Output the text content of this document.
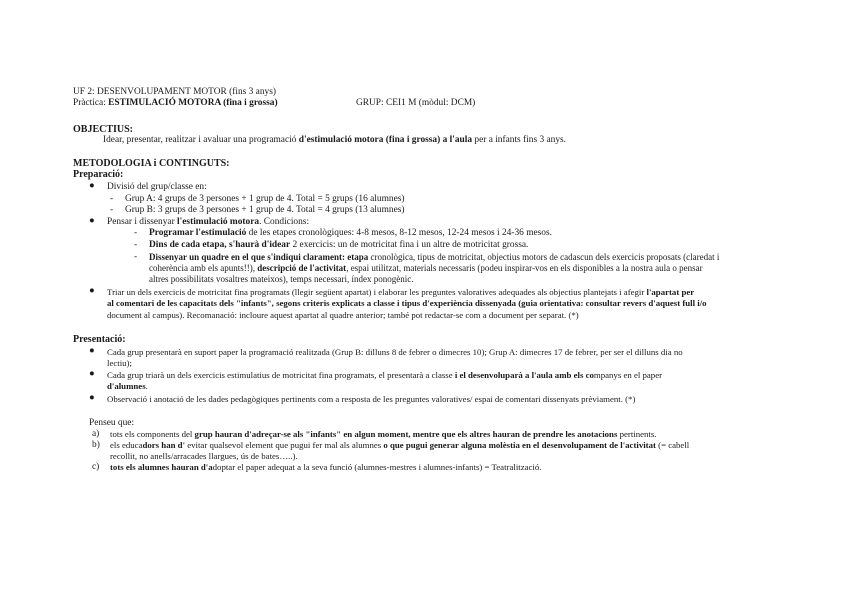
UF 2: DESENVOLUPAMENT MOTOR (fins 3 anys)
Pràctica: ESTIMULACIÓ MOTORA (fina i grossa)	GRUP: CEI1 M (mòdul: DCM)
OBJECTIUS:
Idear, presentar, realitzar i avaluar una programació d'estimulació motora (fina i grossa) a l'aula per a infants fins 3 anys.
METODOLOGIA i CONTINGUTS:
Preparació:
● Divisió del grup/classe en:
- Grup A: 4 grups de 3 persones + 1 grup de 4. Total = 5 grups (16 alumnes)
- Grup B: 3 grups de 3 persones + 1 grup de 4. Total = 4 grups (13 alumnes)
● Pensar i dissenyar l'estimulació motora. Condicions:
- Programar l'estimulació de les etapes cronològiques: 4-8 mesos, 8-12 mesos, 12-24 mesos i 24-36 mesos.
- Dins de cada etapa, s'haurà d'idear 2 exercicis: un de motricitat fina i un altre de motricitat grossa.
- Dissenyar un quadre en el que s'indiqui clarament: etapa cronològica, tipus de motricitat, objectius motors de cadascun dels exercicis proposats (claredat i
coherència amb els apunts!!), descripció de l'activitat, espai utilitzat, materials necessaris (podeu inspirar-vos en els disponibles a la nostra aula o pensar
altres possibilitats vosaltres mateixos), temps necessari, índex ponogènic.
● Triar un dels exercicis de motricitat fina programats (llegir següent apartat) i elaborar les preguntes valoratives adequades als objectius plantejats i afegir l'apartat per
al comentari de les capacitats dels "infants", segons criteris explicats a classe i tipus d'experiència dissenyada (guia orientativa: consultar revers d'aquest full i/o
document al campus). Recomanació: incloure aquest apartat al quadre anterior; també pot redactar-se com a document per separat. (*)
Presentació:
● Cada grup presentarà en suport paper la programació realitzada (Grup B: dilluns 8 de febrer o dimecres 10); Grup A: dimecres 17 de febrer, per ser el dilluns dia no
lectiu);
● Cada grup triarà un dels exercicis estimulatius de motricitat fina programats, el presentarà a classe i el desenvoluparà a l'aula amb els companys en el paper
d'alumnes.
● Observació i anotació de les dades pedagògiques pertinents com a resposta de les preguntes valoratives/ espai de comentari dissenyats prèviament. (*)
Penseu que:
a) tots els components del grup hauran d'adreçar-se als "infants" en algun moment, mentre que els altres hauran de prendre les anotacions pertinents.
b) els educadors han d' evitar qualsevol element que pugui fer mal als alumnes o que pugui generar alguna molèstia en el desenvolupament de l'activitat (= cabell
recollit, no anells/arracades llargues, ús de bates…..).
c) tots els alumnes hauran d'adoptar el paper adequat a la seva funció (alumnes-mestres i alumnes-infants) = Teatralització.
